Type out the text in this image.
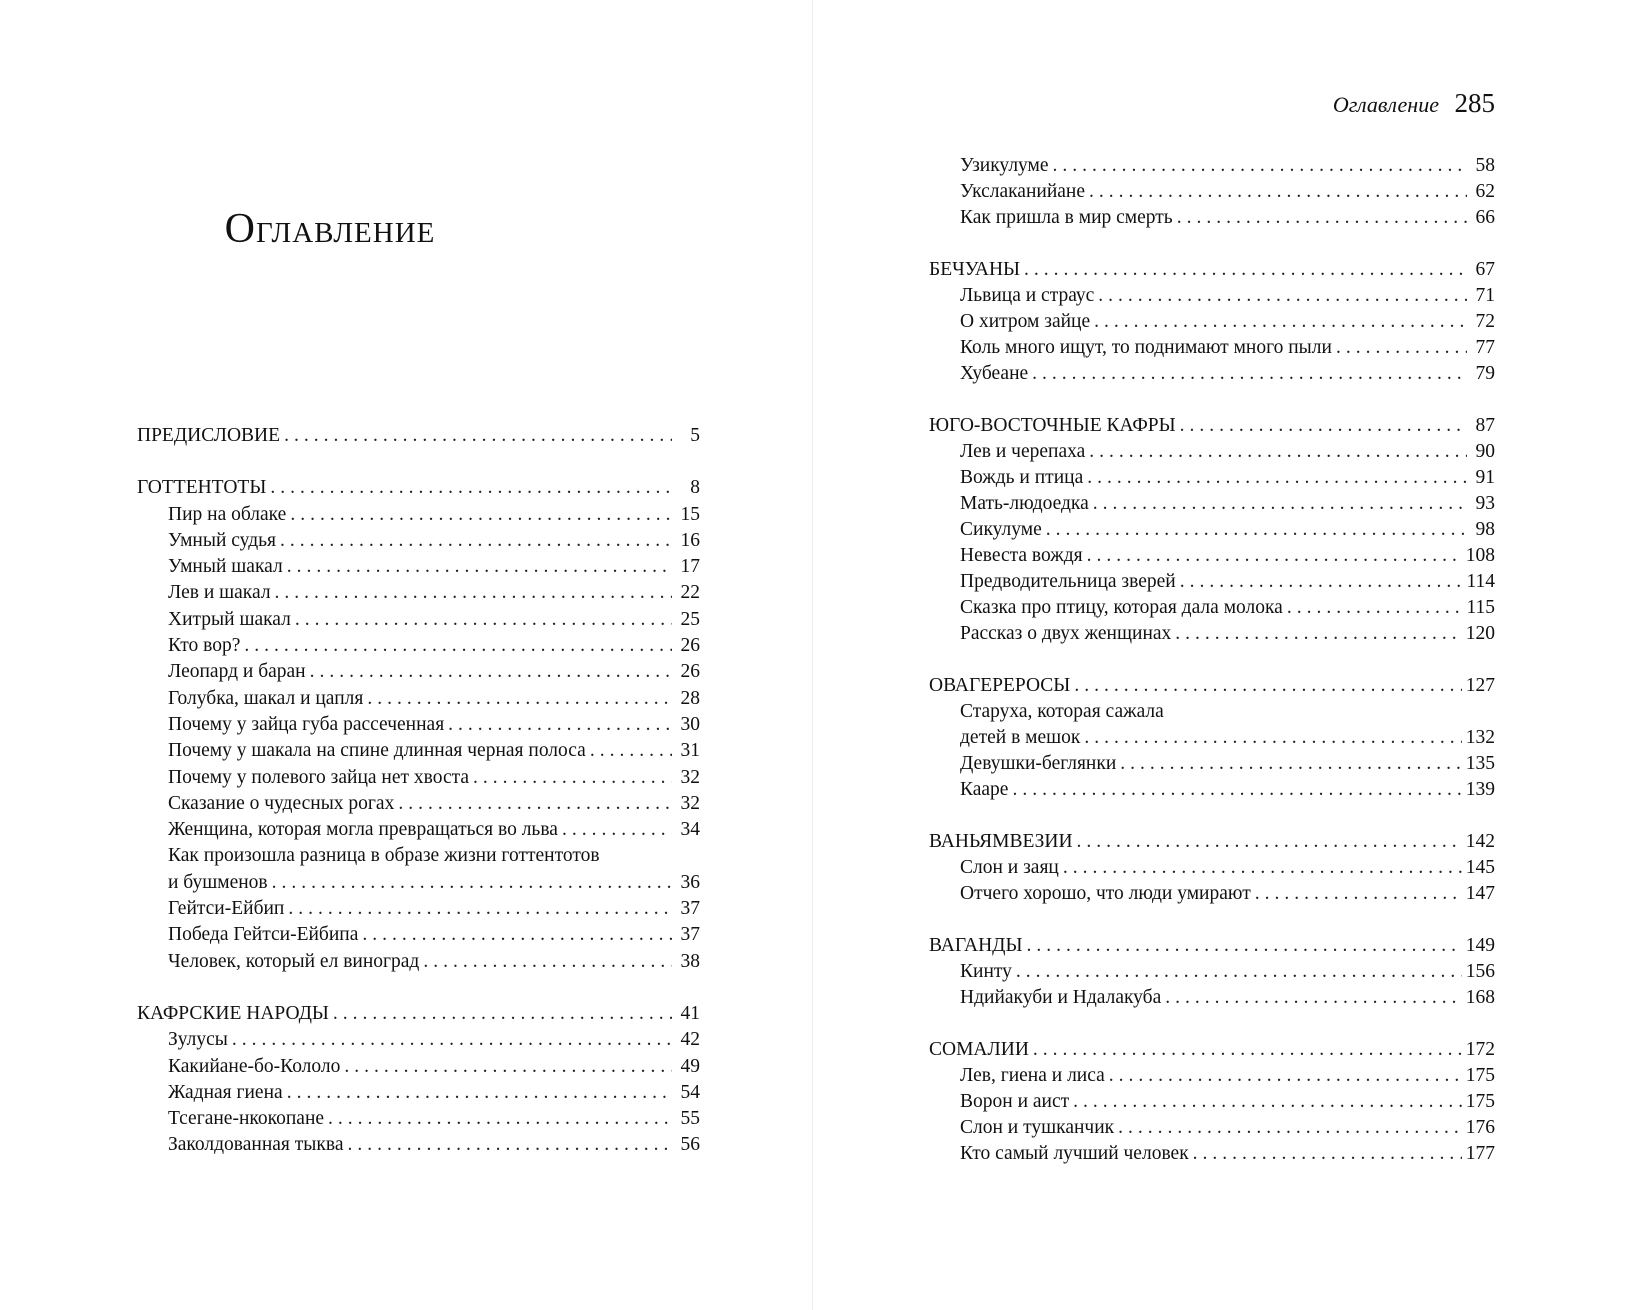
Оглавление
ПРЕДИСЛОВИЕ .....	5
ГОТТЕНТОТЫ .....	8
Пир на облаке .....	15
Умный судья .....	16
Умный шакал .....	17
Лев и шакал .....	22
Хитрый шакал .....	25
Кто вор? .....	26
Леопард и баран .....	26
Голубка, шакал и цапля .....	28
Почему у зайца губа рассеченная .....	30
Почему у шакала на спине длинная черная полоса .....	31
Почему у полевого зайца нет хвоста .....	32
Сказание о чудесных рогах .....	32
Женщина, которая могла превращаться во льва .....	34
Как произошла разница в образе жизни готтентотов
и бушменов .....	36
Гейтси-Ейбип .....	37
Победа Гейтси-Ейбипа .....	37
Человек, который ел виноград .....	38
КАФРСКИЕ НАРОДЫ .....	41
Зулусы .....	42
Какийане-бо-Кололо .....	49
Жадная гиена .....	54
Тсегане-нкокопане .....	55
Заколдованная тыква .....	56
Оглавление 285
Узикулуме .....	58
Укслаканийане .....	62
Как пришла в мир смерть .....	66
БЕЧУАНЫ .....	67
Львица и страус .....	71
О хитром зайце .....	72
Коль много ищут, то поднимают много пыли .....	77
Хубеане .....	79
ЮГО-ВОСТОЧНЫЕ КАФРЫ .....	87
Лев и черепаха .....	90
Вождь и птица .....	91
Мать-людоедка .....	93
Сикулуме .....	98
Невеста вождя .....	108
Предводительница зверей .....	114
Сказка про птицу, которая дала молока .....	115
Рассказ о двух женщинах .....	120
ОВАГЕРЕРОСЫ .....	127
Старуха, которая сажала
детей в мешок .....	132
Девушки-беглянки .....	135
Кааре .....	139
ВАНЬЯМВЕЗИИ .....	142
Слон и заяц .....	145
Отчего хорошо, что люди умирают .....	147
ВАГАНДЫ .....	149
Кинту .....	156
Ндийакуби и Ндалакуба .....	168
СОМАЛИИ .....	172
Лев, гиена и лиса .....	175
Ворон и аист .....	175
Слон и тушканчик .....	176
Кто самый лучший человек .....	177
